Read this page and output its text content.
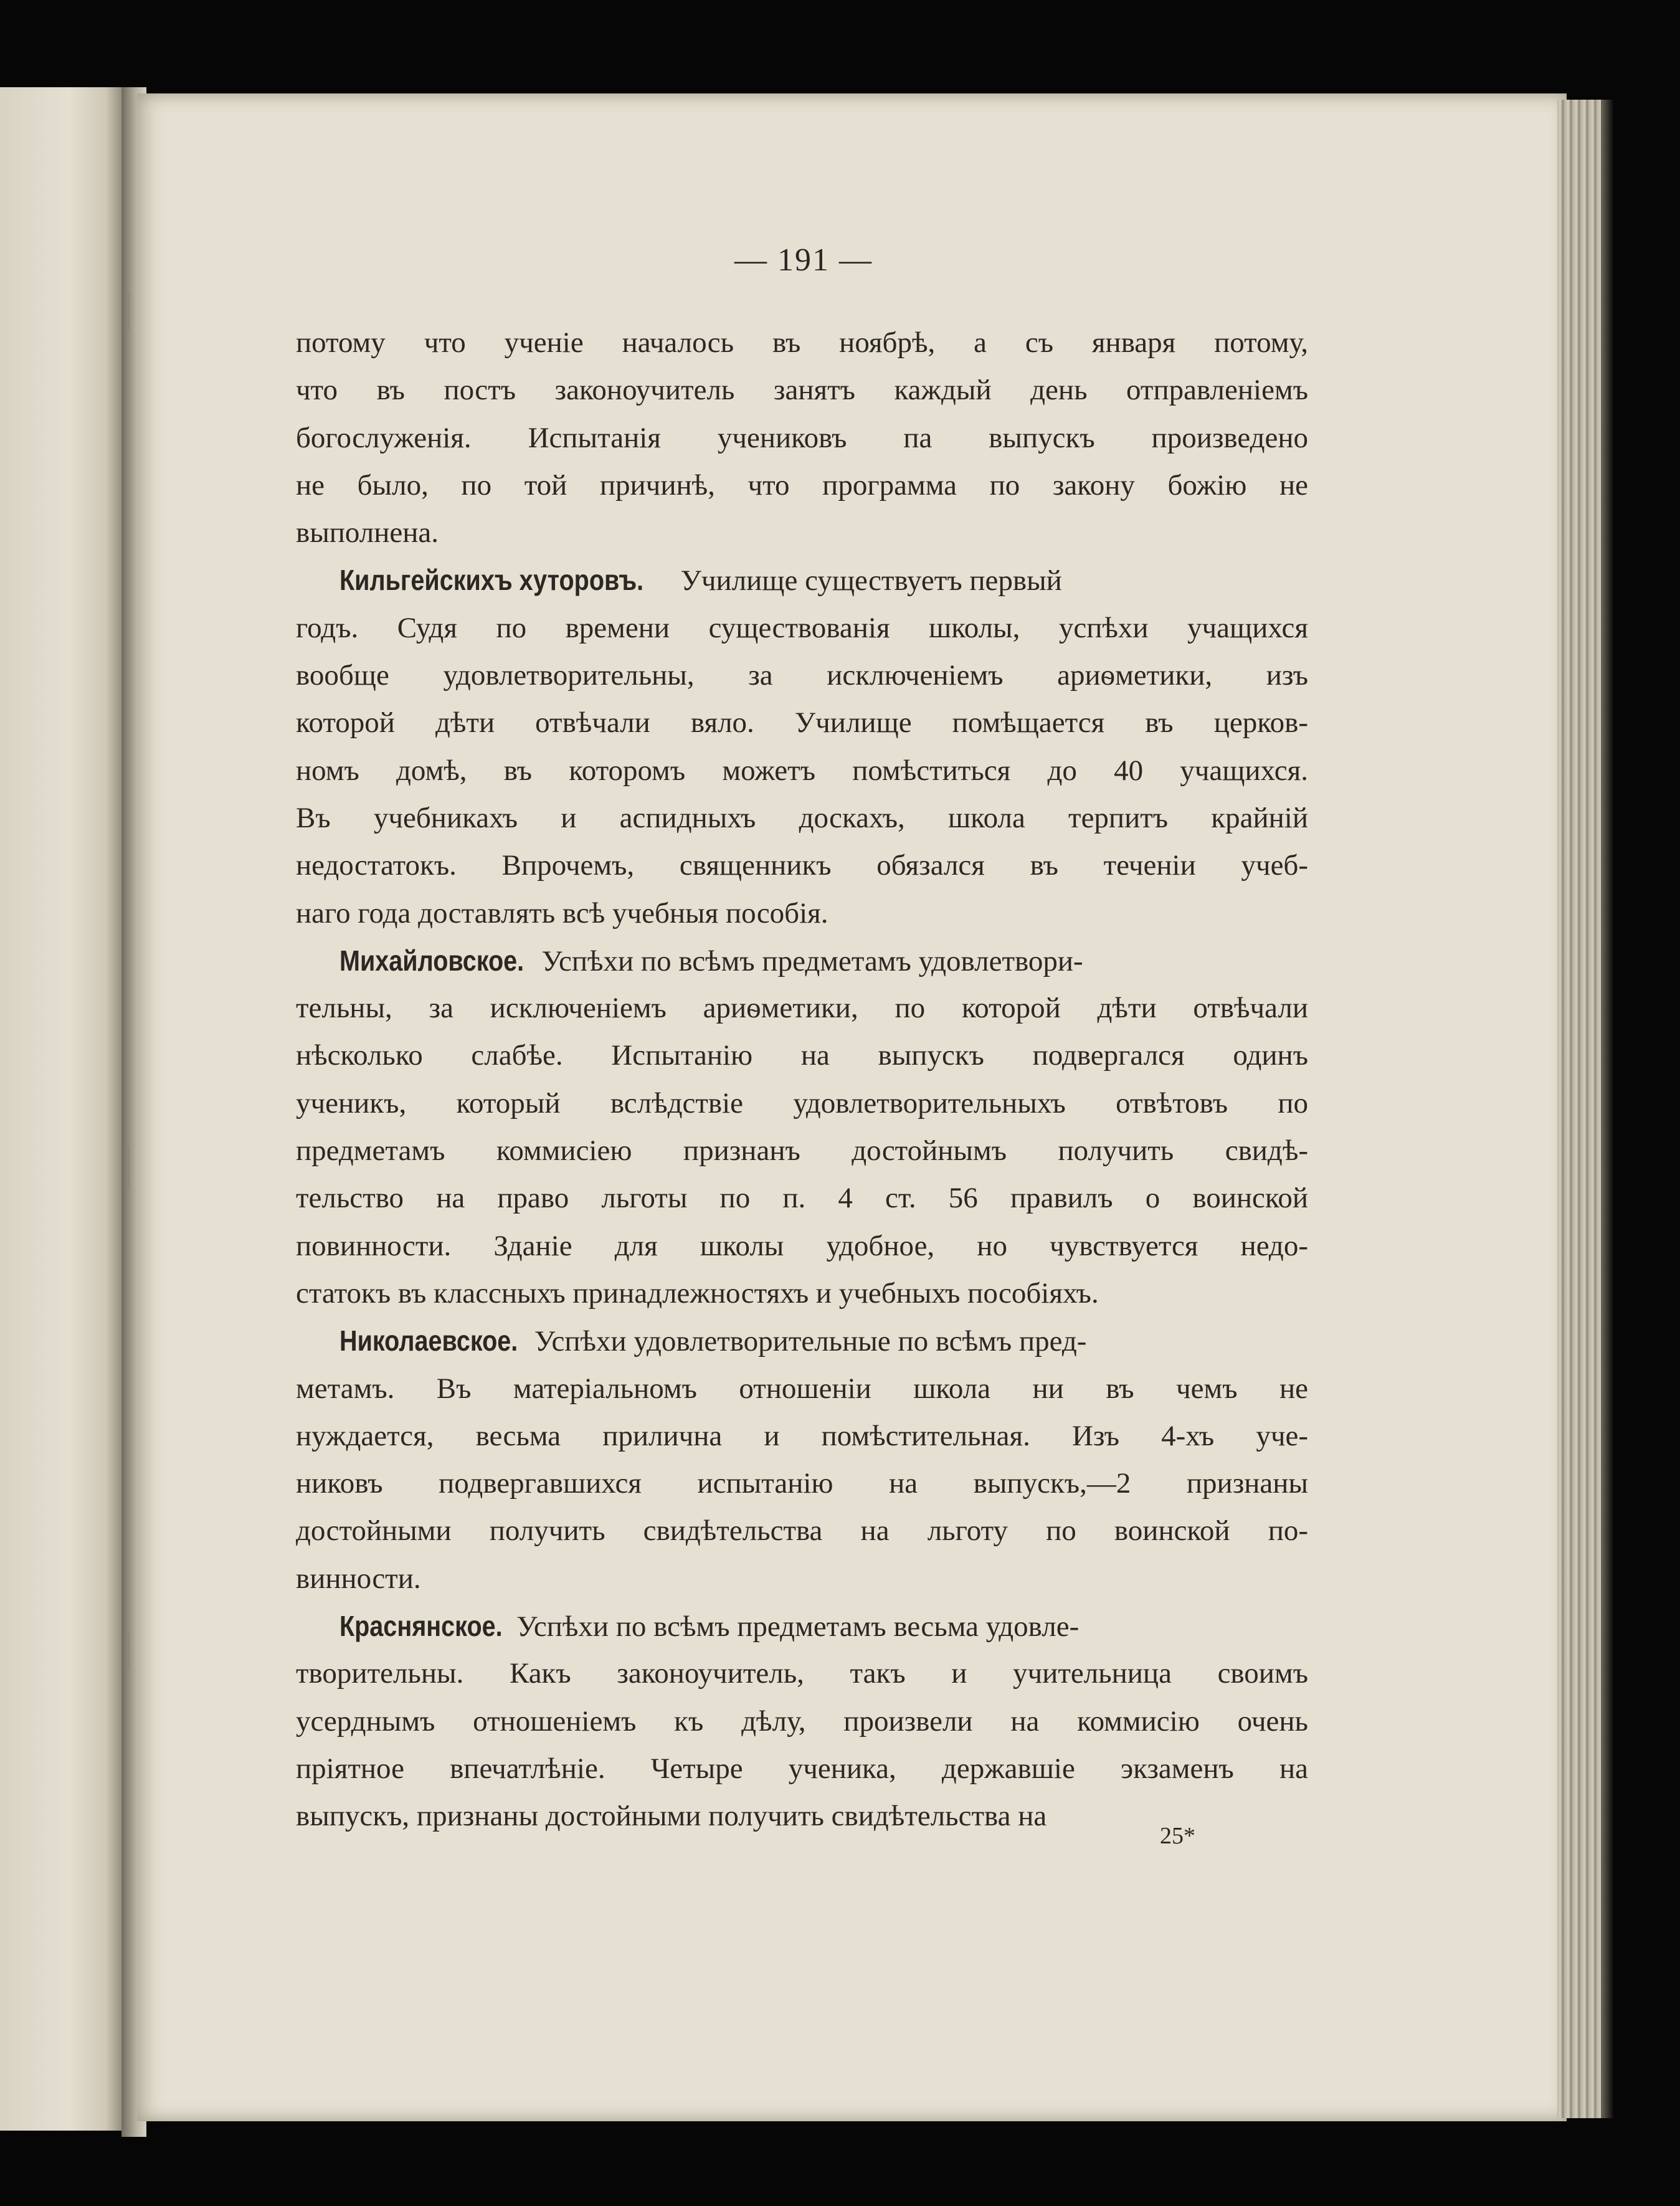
— 191 —
потому что ученіе началось въ ноябрѣ, а съ января потому,
что въ постъ законоучитель занятъ каждый день отправленіемъ
богослуженія. Испытанія учениковъ па выпускъ произведено
не было, по той причинѣ, что программа по закону божію не
выполнена.
Кильгейскихъ хуторовъ. Училище существуетъ первый
годъ. Судя по времени существованія школы, успѣхи учащихся
вообще удовлетворительны, за исключеніемъ ариѳметики, изъ
которой дѣти отвѣчали вяло. Училище помѣщается въ церков-
номъ домѣ, въ которомъ можетъ помѣститься до 40 учащихся.
Въ учебникахъ и аспидныхъ доскахъ, школа терпитъ крайній
недостатокъ. Впрочемъ, священникъ обязался въ теченіи учеб-
наго года доставлять всѣ учебныя пособія.
Михайловское. Успѣхи по всѣмъ предметамъ удовлетвори-
тельны, за исключеніемъ ариѳметики, по которой дѣти отвѣчали
нѣсколько слабѣе. Испытанію на выпускъ подвергался одинъ
ученикъ, который вслѣдствіе удовлетворительныхъ отвѣтовъ по
предметамъ коммисіею признанъ достойнымъ получить свидѣ-
тельство на право льготы по п. 4 ст. 56 правилъ о воинской
повинности. Зданіе для школы удобное, но чувствуется недо-
статокъ въ классныхъ принадлежностяхъ и учебныхъ пособіяхъ.
Николаевское. Успѣхи удовлетворительные по всѣмъ пред-
метамъ. Въ матеріальномъ отношеніи школа ни въ чемъ не
нуждается, весьма прилична и помѣстительная. Изъ 4-хъ уче-
никовъ подвергавшихся испытанію на выпускъ,—2 признаны
достойными получить свидѣтельства на льготу по воинской по-
винности.
Краснянское. Успѣхи по всѣмъ предметамъ весьма удовле-
творительны. Какъ законоучитель, такъ и учительница своимъ
усерднымъ отношеніемъ къ дѣлу, произвели на коммисію очень
пріятное впечатлѣніе. Четыре ученика, державшіе экзаменъ на
выпускъ, признаны достойными получить свидѣтельства на
25*
